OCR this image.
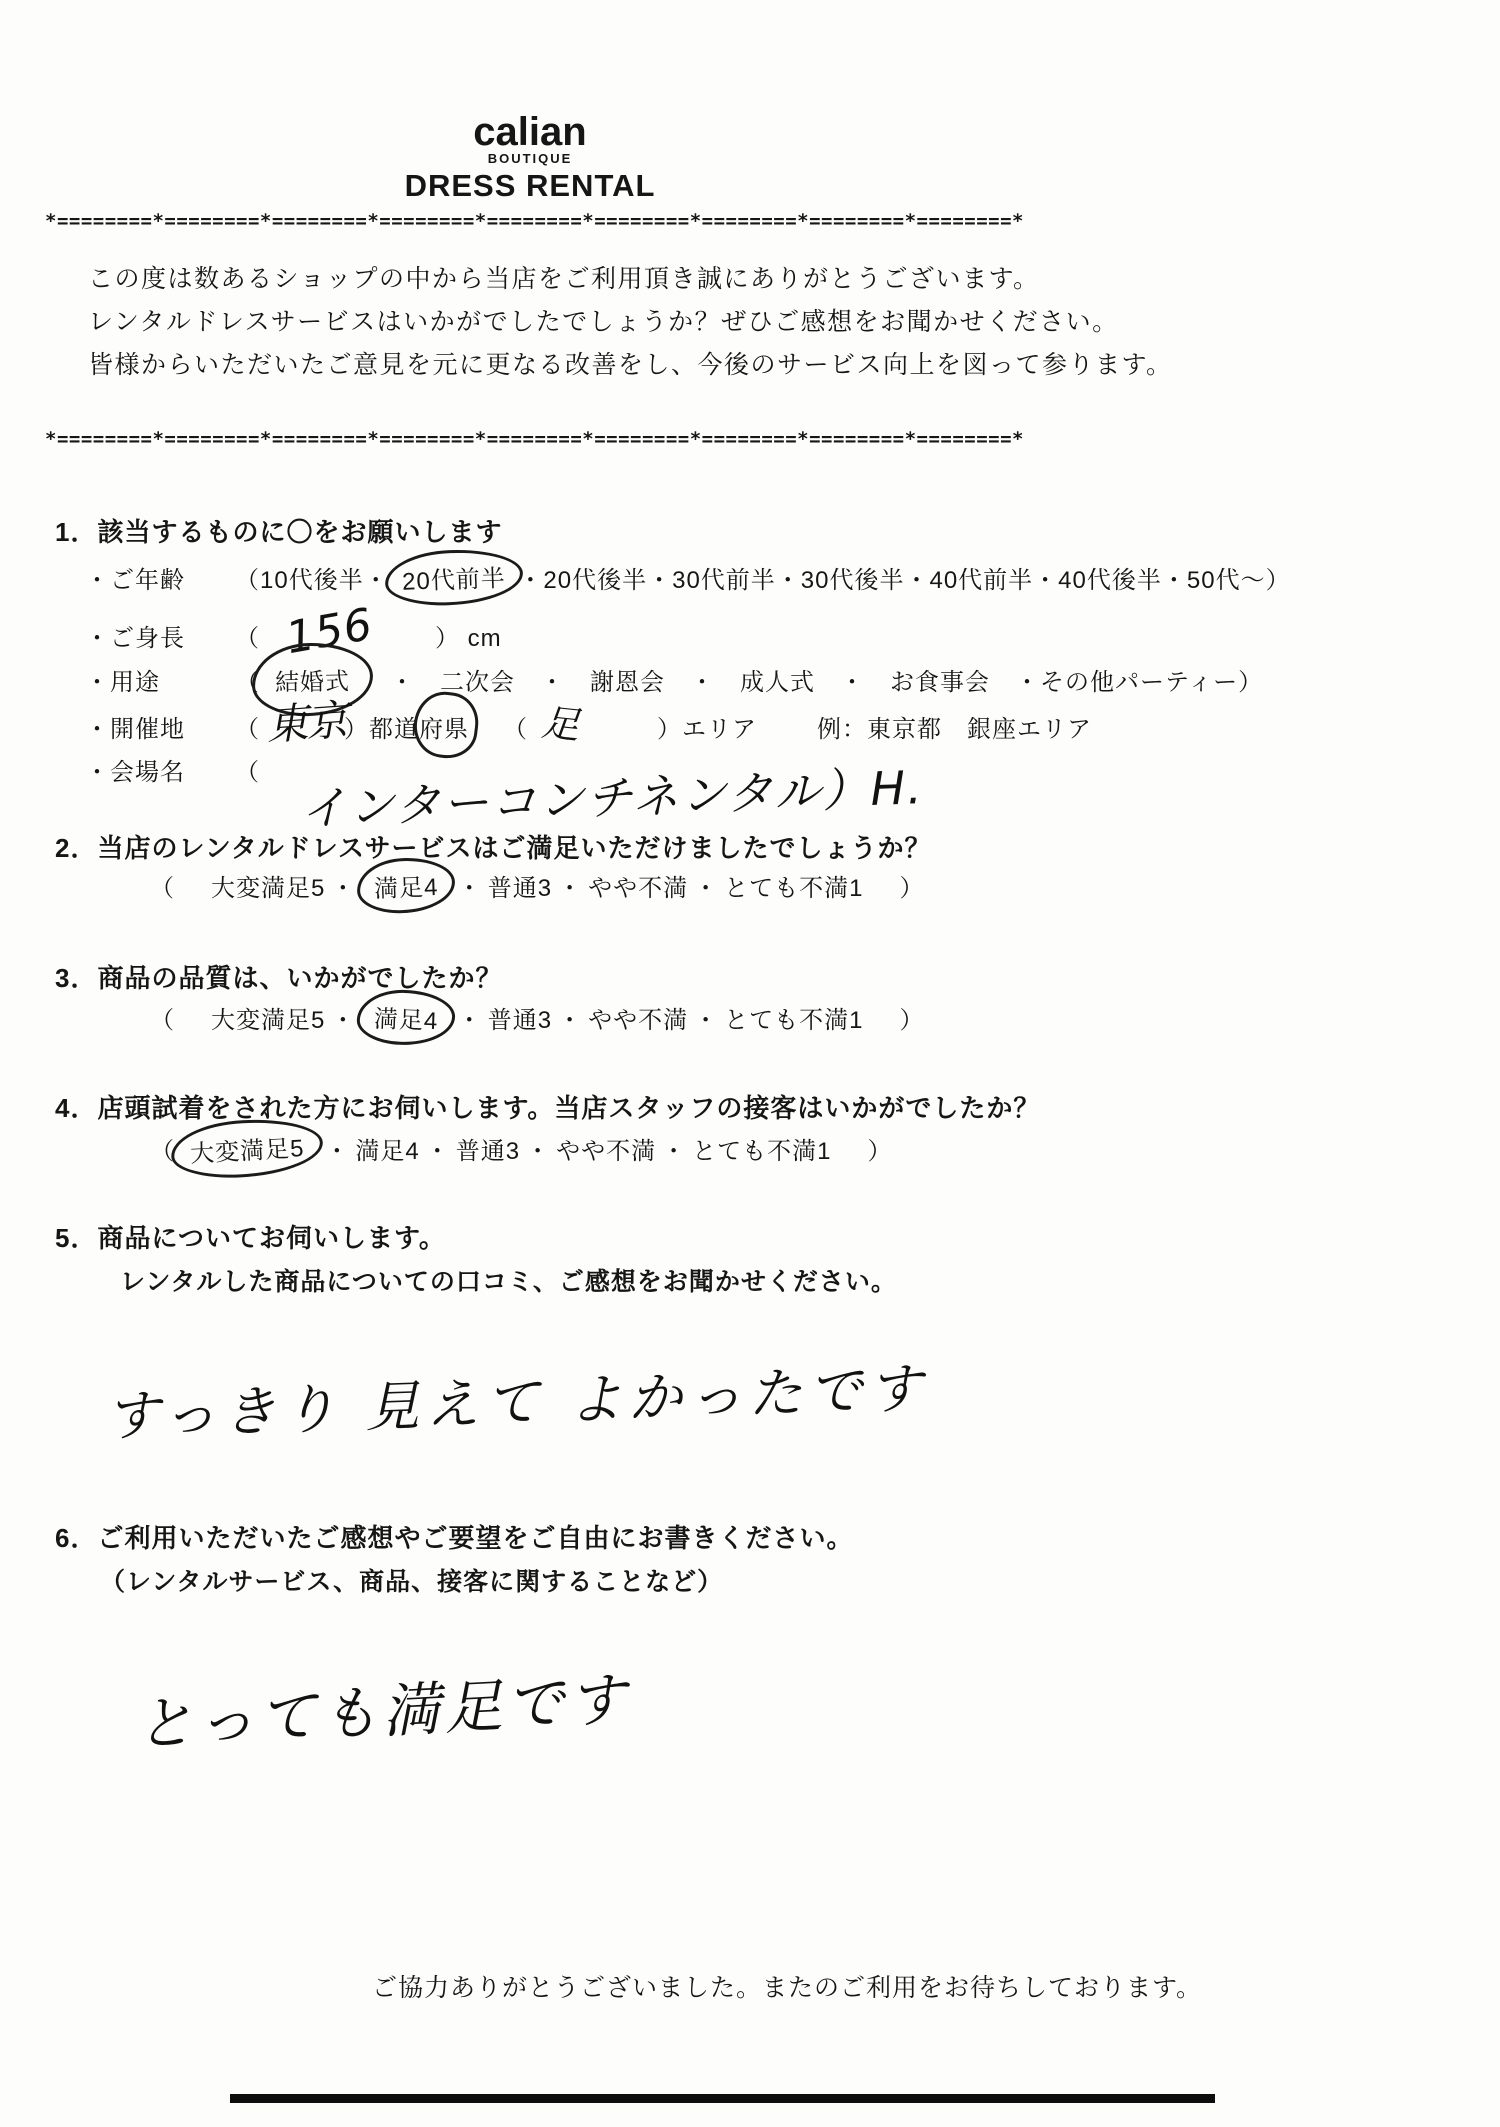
calian
BOUTIQUE
DRESS RENTAL
*========*========*========*========*========*========*========*========*========*
この度は数あるショップの中から当店をご利用頂き誠にありがとうございます。
レンタルドレスサービスはいかがでしたでしょうか？ぜひご感想をお聞かせください。
皆様からいただいたご意見を元に更なる改善をし、今後のサービス向上を図って参ります。
*========*========*========*========*========*========*========*========*========*
1．該当するものに〇をお願いします
・ご年齢 （10代後半・ 20代前半 ・20代後半・30代前半・30代後半・40代前半・40代後半・50代～）
・ご身長 （ 156 ） cm
・用途	（ 結婚式　・　二次会　・　謝恩会　・　成人式　・　お食事会　・その他パーティー）
・開催地 （ 東京）都道府県 （ 足	）エリア	例：東京都　銀座エリア
・会場名 （ インターコンチネンタル）H.
2．当店のレンタルドレスサービスはご満足いただけましたでしょうか？
（ 大変満足5 ・ 満足4 ・ 普通3 ・ やや不満 ・ とても不満1 ）
3．商品の品質は、いかがでしたか？
（ 大変満足5 ・ 満足4 ・ 普通3 ・ やや不満 ・ とても不満1 ）
4．店頭試着をされた方にお伺いします。当店スタッフの接客はいかがでしたか？
（ 大変満足5 ・ 満足4 ・ 普通3 ・ やや不満 ・ とても不満1 ）
5．商品についてお伺いします。
レンタルした商品についての口コミ、ご感想をお聞かせください。
すっきり 見えて よかったです
6．ご利用いただいたご感想やご要望をご自由にお書きください。
（レンタルサービス、商品、接客に関することなど）
とっても満足です
ご協力ありがとうございました。またのご利用をお待ちしております。
